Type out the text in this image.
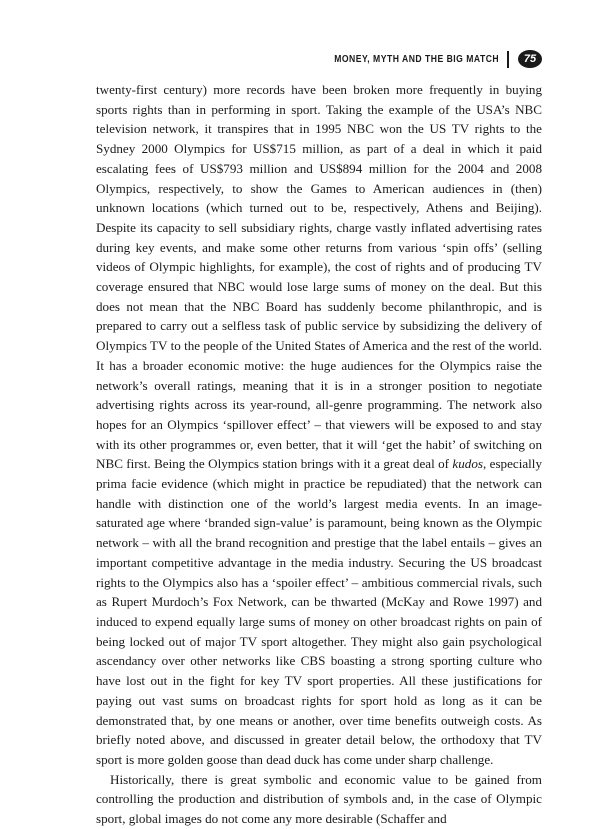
MONEY, MYTH AND THE BIG MATCH	75

twenty-first century) more records have been broken more frequently in buying sports rights than in performing in sport. Taking the example of the USA’s NBC television network, it transpires that in 1995 NBC won the US TV rights to the Sydney 2000 Olympics for US$715 million, as part of a deal in which it paid escalating fees of US$793 million and US$894 million for the 2004 and 2008 Olympics, respectively, to show the Games to American audiences in (then) unknown locations (which turned out to be, respectively, Athens and Beijing). Despite its capacity to sell subsidiary rights, charge vastly inflated advertising rates during key events, and make some other returns from various ‘spin offs’ (selling videos of Olympic highlights, for example), the cost of rights and of producing TV coverage ensured that NBC would lose large sums of money on the deal. But this does not mean that the NBC Board has suddenly become philanthropic, and is prepared to carry out a selfless task of public service by subsidizing the delivery of Olympics TV to the people of the United States of America and the rest of the world. It has a broader economic motive: the huge audiences for the Olympics raise the network’s overall ratings, meaning that it is in a stronger position to negotiate advertising rights across its year-round, all-genre programming. The network also hopes for an Olympics ‘spillover effect’ – that viewers will be exposed to and stay with its other programmes or, even better, that it will ‘get the habit’ of switching on NBC first. Being the Olympics station brings with it a great deal of kudos, especially prima facie evidence (which might in practice be repudiated) that the network can handle with distinction one of the world’s largest media events. In an image-saturated age where ‘branded sign-value’ is paramount, being known as the Olympic network – with all the brand recognition and prestige that the label entails – gives an important competitive advantage in the media industry. Securing the US broadcast rights to the Olympics also has a ‘spoiler effect’ – ambitious commercial rivals, such as Rupert Murdoch’s Fox Network, can be thwarted (McKay and Rowe 1997) and induced to expend equally large sums of money on other broadcast rights on pain of being locked out of major TV sport altogether. They might also gain psychological ascendancy over other networks like CBS boasting a strong sporting culture who have lost out in the fight for key TV sport properties. All these justifications for paying out vast sums on broadcast rights for sport hold as long as it can be demonstrated that, by one means or another, over time benefits outweigh costs. As briefly noted above, and discussed in greater detail below, the orthodoxy that TV sport is more golden goose than dead duck has come under sharp challenge.

Historically, there is great symbolic and economic value to be gained from controlling the production and distribution of symbols and, in the case of Olympic sport, global images do not come any more desirable (Schaffer and
